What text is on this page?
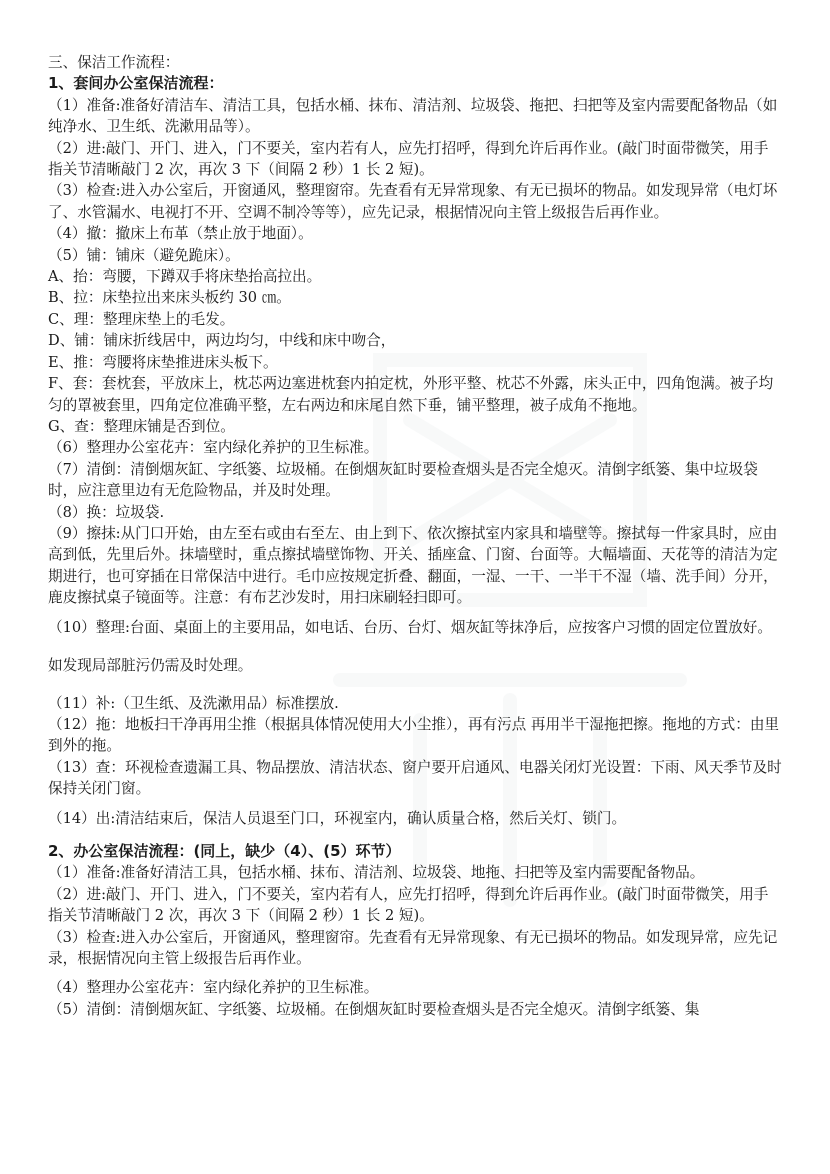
三、保洁工作流程：

1、套间办公室保洁流程：

（1）准备:准备好清洁车、清洁工具，包括水桶、抹布、清洁剂、垃圾袋、拖把、扫把等及室内需要配备物品（如纯净水、卫生纸、洗漱用品等）。

（2）进:敲门、开门、进入，门不要关，室内若有人，应先打招呼，得到允许后再作业。(敲门时面带微笑，用手指关节清晰敲门 2 次，再次 3 下（间隔 2 秒）1 长 2 短)。

（3）检查:进入办公室后，开窗通风，整理窗帘。先查看有无异常现象、有无已损坏的物品。如发现异常（电灯坏了、水管漏水、电视打不开、空调不制冷等等），应先记录，根据情况向主管上级报告后再作业。

（4）撤：撤床上布革（禁止放于地面）。

（5）铺：铺床（避免跪床）。

A、抬：弯腰，下蹲双手将床垫抬高拉出。

B、拉：床垫拉出来床头板约 30 ㎝。

C、理：整理床垫上的毛发。

D、铺：铺床折线居中，两边均匀，中线和床中吻合，

E、推：弯腰将床垫推进床头板下。

F、套：套枕套，平放床上，枕芯两边塞进枕套内拍定枕，外形平整、枕芯不外露，床头正中，四角饱满。被子均匀的罩被套里，四角定位准确平整，左右两边和床尾自然下垂，铺平整理，被子成角不拖地。

G、查：整理床铺是否到位。

（6）整理办公室花卉：室内绿化养护的卫生标准。

（7）清倒：清倒烟灰缸、字纸篓、垃圾桶。在倒烟灰缸时要检查烟头是否完全熄灭。清倒字纸篓、集中垃圾袋时，应注意里边有无危险物品，并及时处理。

（8）换：垃圾袋.

（9）擦抹:从门口开始，由左至右或由右至左、由上到下、依次擦拭室内家具和墙壁等。擦拭每一件家具时，应由高到低，先里后外。抹墙壁时，重点擦拭墙壁饰物、开关、插座盒、门窗、台面等。大幅墙面、天花等的清洁为定期进行，也可穿插在日常保洁中进行。毛巾应按规定折叠、翻面，一湿、一干、一半干不湿（墙、洗手间）分开，鹿皮擦拭桌子镜面等。注意：有布艺沙发时，用扫床刷轻扫即可。

（10）整理:台面、桌面上的主要用品，如电话、台历、台灯、烟灰缸等抹净后，应按客户习惯的固定位置放好。如发现局部脏污仍需及时处理。

（11）补:（卫生纸、及洗漱用品）标准摆放.

（12）拖：地板扫干净再用尘推（根据具体情况使用大小尘推），再有污点 再用半干湿拖把擦。拖地的方式：由里到外的拖。

（13）查：环视检查遗漏工具、物品摆放、清洁状态、窗户要开启通风、电器关闭灯光设置：下雨、风天季节及时保持关闭门窗。

（14）出:清洁结束后，保洁人员退至门口，环视室内，确认质量合格，然后关灯、锁门。

2、办公室保洁流程：(同上，缺少（4）、(5）环节）

（1）准备:准备好清洁工具，包括水桶、抹布、清洁剂、垃圾袋、地拖、扫把等及室内需要配备物品。

（2）进:敲门、开门、进入，门不要关，室内若有人，应先打招呼，得到允许后再作业。(敲门时面带微笑，用手指关节清晰敲门 2 次，再次 3 下（间隔 2 秒）1 长 2 短)。

（3）检查:进入办公室后，开窗通风，整理窗帘。先查看有无异常现象、有无已损坏的物品。如发现异常，应先记录，根据情况向主管上级报告后再作业。

（4）整理办公室花卉：室内绿化养护的卫生标准。

（5）清倒：清倒烟灰缸、字纸篓、垃圾桶。在倒烟灰缸时要检查烟头是否完全熄灭。清倒字纸篓、集
